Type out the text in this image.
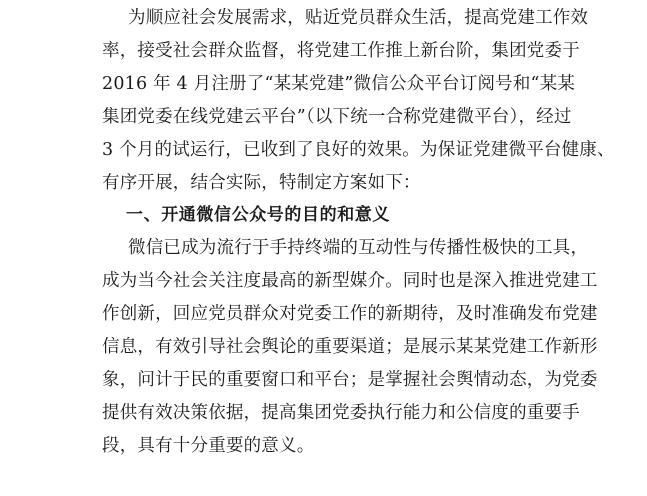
为顺应社会发展需求，贴近党员群众生活，提高党建工作效
率，接受社会群众监督，将党建工作推上新台阶，集团党委于
2016 年 4 月注册了“某某党建”微信公众平台订阅号和“某某
集团党委在线党建云平台”（以下统一合称党建微平台），经过
3 个月的试运行，已收到了良好的效果。为保证党建微平台健康、
有序开展，结合实际，特制定方案如下：
一、开通微信公众号的目的和意义
微信已成为流行于手持终端的互动性与传播性极快的工具，
成为当今社会关注度最高的新型媒介。同时也是深入推进党建工
作创新，回应党员群众对党委工作的新期待，及时准确发布党建
信息，有效引导社会舆论的重要渠道；是展示某某党建工作新形
象，问计于民的重要窗口和平台；是掌握社会舆情动态，为党委
提供有效决策依据，提高集团党委执行能力和公信度的重要手
段，具有十分重要的意义。
